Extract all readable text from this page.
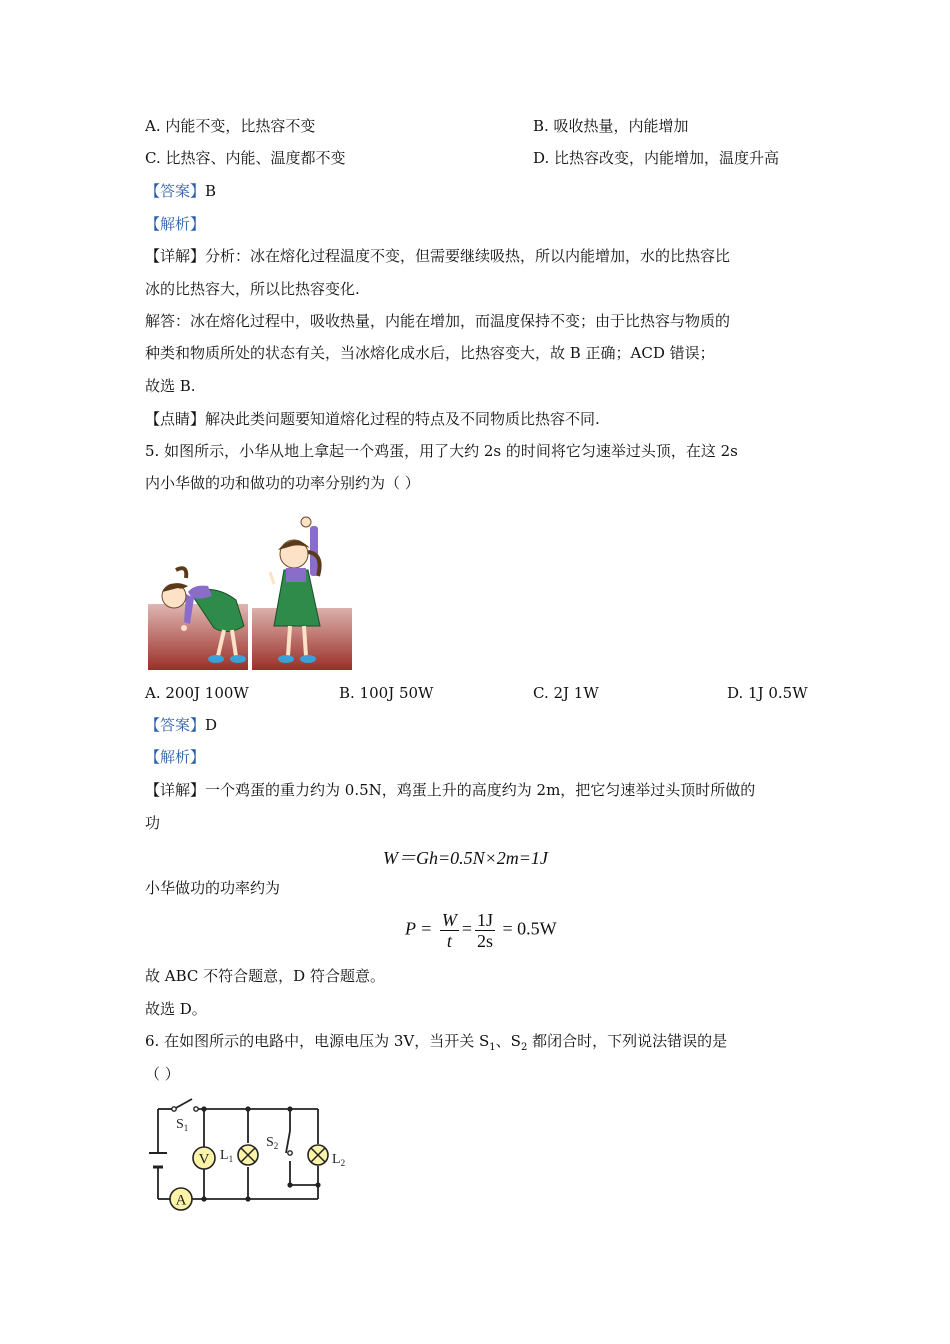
A. 内能不变，比热容不变	B. 吸收热量，内能增加
C. 比热容、内能、温度都不变	D. 比热容改变，内能增加，温度升高
【答案】B
【解析】
【详解】分析：冰在熔化过程温度不变，但需要继续吸热，所以内能增加，水的比热容比
冰的比热容大，所以比热容变化.
解答：冰在熔化过程中，吸收热量，内能在增加，而温度保持不变；由于比热容与物质的
种类和物质所处的状态有关，当冰熔化成水后，比热容变大，故 B 正确；ACD 错误；
故选 B.
【点睛】解决此类问题要知道熔化过程的特点及不同物质比热容不同.
5. 如图所示，小华从地上拿起一个鸡蛋，用了大约 2s 的时间将它匀速举过头顶，在这 2s
内小华做的功和做功的功率分别约为（ ）
A. 200J 100W	B. 100J 50W	C. 2J 1W	D. 1J 0.5W
【答案】D
【解析】
【详解】一个鸡蛋的重力约为 0.5N，鸡蛋上升的高度约为 2m，把它匀速举过头顶时所做的
功
W＝Gh=0.5N×2m=1J
小华做功的功率约为
$P = \frac{W}{t} = \frac{1J}{2s} = 0.5W$
故 ABC 不符合题意，D 符合题意。
故选 D。
6. 在如图所示的电路中，电源电压为 3V，当开关 $S_1$、$S_2$ 都闭合时，下列说法错误的是
（ ）
V
A
$S_1$
$L_1$
$S_2$
$L_2$
